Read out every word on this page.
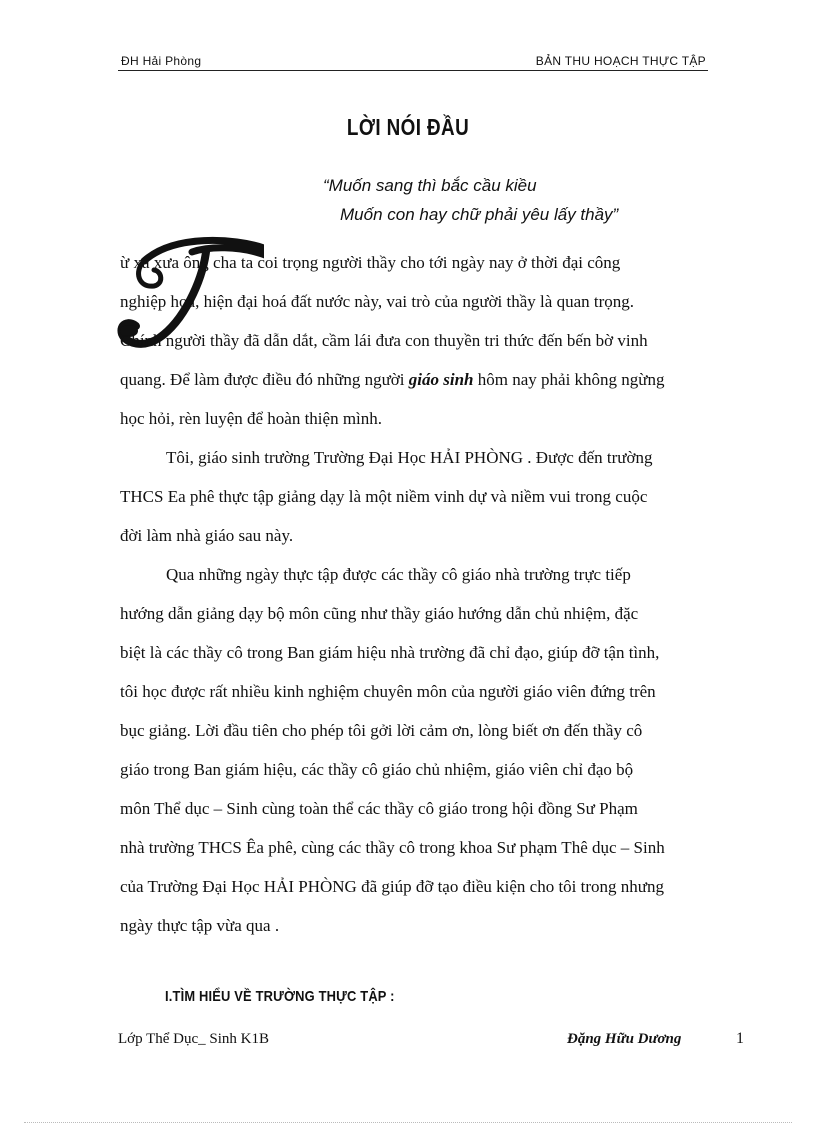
ĐH Hải Phòng	BẢN THU HOẠCH THỰC TẬP
LỜI NÓI ĐẦU
“Muốn sang thì bắc cầu kiều
Muốn con hay chữ phải yêu lấy thầy”
ừ xa xưa ông cha ta coi trọng người thầy cho tới ngày nay ở thời đại công
nghiệp hoá, hiện đại hoá đất nước này, vai trò của người thầy là quan trọng.
Chính người thầy đã dẫn dắt, cầm lái đưa con thuyền tri thức đến bến bờ vinh
quang. Để làm được điều đó những người giáo sinh hôm nay phải không ngừng
học hỏi, rèn luyện để hoàn thiện mình.
Tôi, giáo sinh trường Trường Đại Học HẢI PHÒNG . Được đến trường
THCS Ea phê thực tập giảng dạy là một niềm vinh dự và niềm vui trong cuộc
đời làm nhà giáo sau này.
Qua những ngày thực tập được các thầy cô giáo nhà trường trực tiếp
hướng dẫn giảng dạy bộ môn cũng như thầy giáo hướng dẫn chủ nhiệm, đặc
biệt là các thầy cô trong Ban giám hiệu nhà trường đã chỉ đạo, giúp đỡ tận tình,
tôi học được rất nhiều kinh nghiệm chuyên môn của người giáo viên đứng trên
bục giảng. Lời đầu tiên cho phép tôi gởi lời cảm ơn, lòng biết ơn đến thầy cô
giáo trong Ban giám hiệu, các thầy cô giáo chủ nhiệm, giáo viên chỉ đạo bộ
môn Thể dục – Sinh cùng toàn thể các thầy cô giáo trong hội đồng Sư Phạm
nhà trường THCS Êa phê, cùng các thầy cô trong khoa Sư phạm Thê dục – Sinh
của Trường Đại Học HẢI PHÒNG đã giúp đỡ tạo điều kiện cho tôi trong nhưng
ngày thực tập vừa qua .
I.TÌM HIỂU VỀ TRƯỜNG THỰC TẬP :
Lớp Thể Dục_ Sinh K1B	Đặng Hữu Dương	1
